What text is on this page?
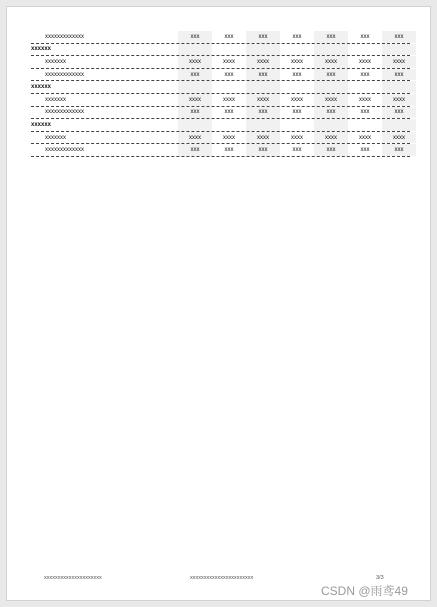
xxxxxxxxxxxxx	xxx	xxx	xxx	xxx	xxx	xxx	xxx
xxxxxx
xxxxxxx	xxxx	xxxx	xxxx	xxxx	xxxx	xxxx	xxxx
xxxxxxxxxxxxx	xxx	xxx	xxx	xxx	xxx	xxx	xxx
xxxxxx
xxxxxxx	xxxx	xxxx	xxxx	xxxx	xxxx	xxxx	xxxx
xxxxxxxxxxxxx	xxx	xxx	xxx	xxx	xxx	xxx	xxx
xxxxxx
xxxxxxx	xxxx	xxxx	xxxx	xxxx	xxxx	xxxx	xxxx
xxxxxxxxxxxxx	xxx	xxx	xxx	xxx	xxx	xxx	xxx
xxxxxxxxxxxxxxxxxxxxx	xxxxxxxxxxxxxxxxxxxxxxx	3/3
CSDN @雨鸢49
